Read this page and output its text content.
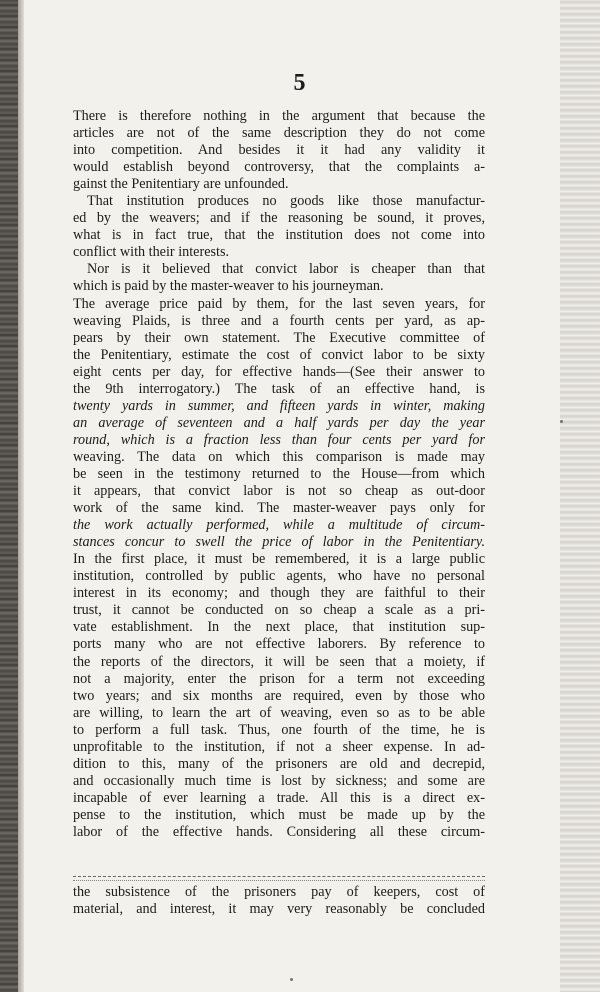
5

There is therefore nothing in the argument that because the
articles are not of the same description they do not come
into competition. And besides it it had any validity it
would establish beyond controversy, that the complaints a-
gainst the Penitentiary are unfounded.

That institution produces no goods like those manufactur-
ed by the weavers; and if the reasoning be sound, it proves,
what is in fact true, that the institution does not come into
conflict with their interests.

Nor is it believed that convict labor is cheaper than that
which is paid by the master-weaver to his journeyman.
The average price paid by them, for the last seven years, for
weaving Plaids, is three and a fourth cents per yard, as ap-
pears by their own statement. The Executive committee of
the Penitentiary, estimate the cost of convict labor to be sixty
eight cents per day, for effective hands—(See their answer to
the 9th interrogatory.) The task of an effective hand, is
twenty yards in summer, and fifteen yards in winter, making
an average of seventeen and a half yards per day the year
round, which is a fraction less than four cents per yard for
weaving. The data on which this comparison is made may
be seen in the testimony returned to the House—from which
it appears, that convict labor is not so cheap as out-door
work of the same kind. The master-weaver pays only for
the work actually performed, while a multitude of circum-
stances concur to swell the price of labor in the Penitentiary.
In the first place, it must be remembered, it is a large public
institution, controlled by public agents, who have no personal
interest in its economy; and though they are faithful to their
trust, it cannot be conducted on so cheap a scale as a pri-
vate establishment. In the next place, that institution sup-
ports many who are not effective laborers. By reference to
the reports of the directors, it will be seen that a moiety, if
not a majority, enter the prison for a term not exceeding
two years; and six months are required, even by those who
are willing, to learn the art of weaving, even so as to be able
to perform a full task. Thus, one fourth of the time, he is
unprofitable to the institution, if not a sheer expense. In ad-
dition to this, many of the prisoners are old and decrepid,
and occasionally much time is lost by sickness; and some are
incapable of ever learning a trade. All this is a direct ex-
pense to the institution, which must be made up by the
labor of the effective hands. Considering all these circum-

the subsistence of the prisoners pay of keepers, cost of
material, and interest, it may very reasonably be concluded
